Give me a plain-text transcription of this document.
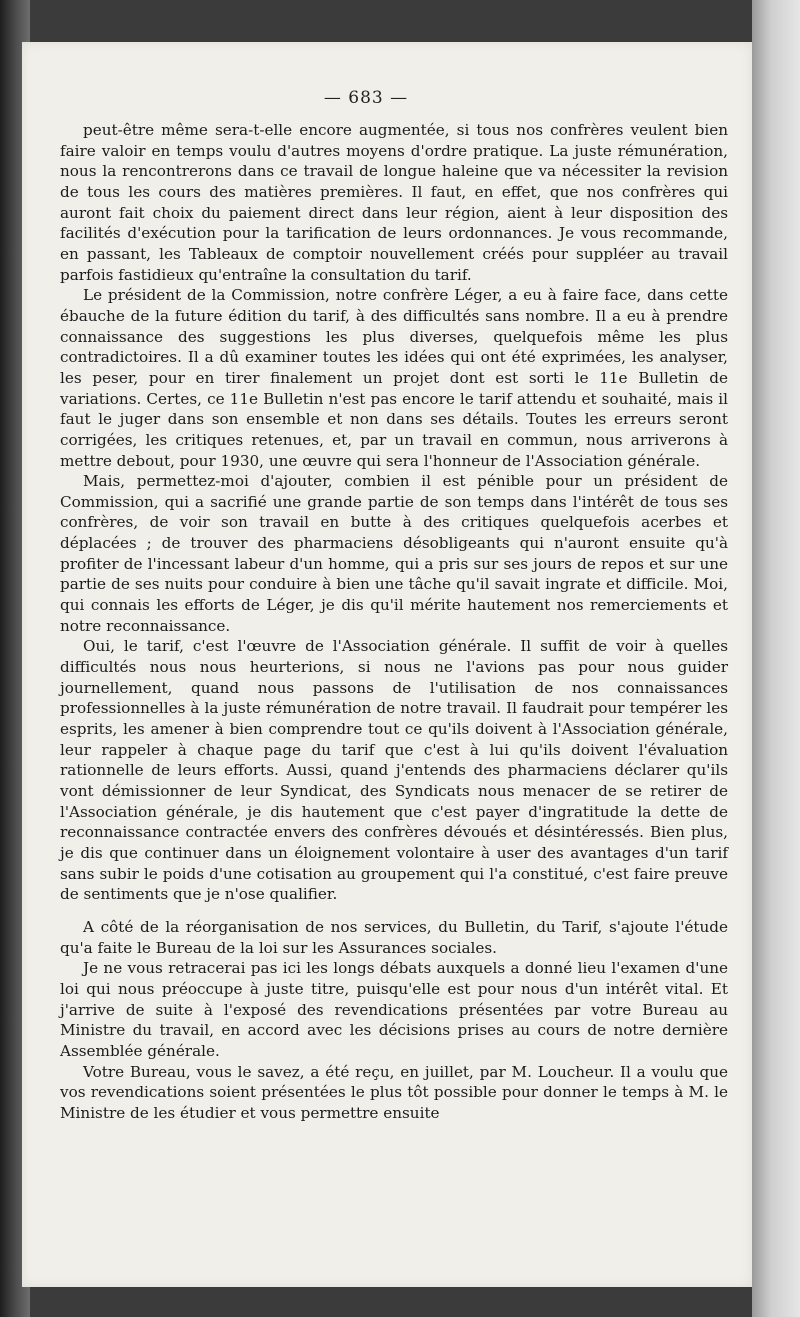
— 683 —

peut-être même sera-t-elle encore augmentée, si tous nos confrères veulent bien faire valoir en temps voulu d'autres moyens d'ordre pratique. La juste rémunération, nous la rencontrerons dans ce travail de longue haleine que va nécessiter la revision de tous les cours des matières premières. Il faut, en effet, que nos confrères qui auront fait choix du paiement direct dans leur région, aient à leur disposition des facilités d'exécution pour la tarification de leurs ordonnances. Je vous recommande, en passant, les Tableaux de comptoir nouvellement créés pour suppléer au travail parfois fastidieux qu'entraîne la consultation du tarif.

Le président de la Commission, notre confrère Léger, a eu à faire face, dans cette ébauche de la future édition du tarif, à des difficultés sans nombre. Il a eu à prendre connaissance des suggestions les plus diverses, quelquefois même les plus contradictoires. Il a dû examiner toutes les idées qui ont été exprimées, les analyser, les peser, pour en tirer finalement un projet dont est sorti le 11e Bulletin de variations. Certes, ce 11e Bulletin n'est pas encore le tarif attendu et souhaité, mais il faut le juger dans son ensemble et non dans ses détails. Toutes les erreurs seront corrigées, les critiques retenues, et, par un travail en commun, nous arriverons à mettre debout, pour 1930, une œuvre qui sera l'honneur de l'Association générale.

Mais, permettez-moi d'ajouter, combien il est pénible pour un président de Commission, qui a sacrifié une grande partie de son temps dans l'intérêt de tous ses confrères, de voir son travail en butte à des critiques quelquefois acerbes et déplacées ; de trouver des pharmaciens désobligeants qui n'auront ensuite qu'à profiter de l'incessant labeur d'un homme, qui a pris sur ses jours de repos et sur une partie de ses nuits pour conduire à bien une tâche qu'il savait ingrate et difficile. Moi, qui connais les efforts de Léger, je dis qu'il mérite hautement nos remerciements et notre reconnaissance.

Oui, le tarif, c'est l'œuvre de l'Association générale. Il suffit de voir à quelles difficultés nous nous heurterions, si nous ne l'avions pas pour nous guider journellement, quand nous passons de l'utilisation de nos connaissances professionnelles à la juste rémunération de notre travail. Il faudrait pour tempérer les esprits, les amener à bien comprendre tout ce qu'ils doivent à l'Association générale, leur rappeler à chaque page du tarif que c'est à lui qu'ils doivent l'évaluation rationnelle de leurs efforts. Aussi, quand j'entends des pharmaciens déclarer qu'ils vont démissionner de leur Syndicat, des Syndicats nous menacer de se retirer de l'Association générale, je dis hautement que c'est payer d'ingratitude la dette de reconnaissance contractée envers des confrères dévoués et désintéressés. Bien plus, je dis que continuer dans un éloignement volontaire à user des avantages d'un tarif sans subir le poids d'une cotisation au groupement qui l'a constitué, c'est faire preuve de sentiments que je n'ose qualifier.

A côté de la réorganisation de nos services, du Bulletin, du Tarif, s'ajoute l'étude qu'a faite le Bureau de la loi sur les Assurances sociales.

Je ne vous retracerai pas ici les longs débats auxquels a donné lieu l'examen d'une loi qui nous préoccupe à juste titre, puisqu'elle est pour nous d'un intérêt vital. Et j'arrive de suite à l'exposé des revendications présentées par votre Bureau au Ministre du travail, en accord avec les décisions prises au cours de notre dernière Assemblée générale.

Votre Bureau, vous le savez, a été reçu, en juillet, par M. Loucheur. Il a voulu que vos revendications soient présentées le plus tôt possible pour donner le temps à M. le Ministre de les étudier et vous permettre ensuite
